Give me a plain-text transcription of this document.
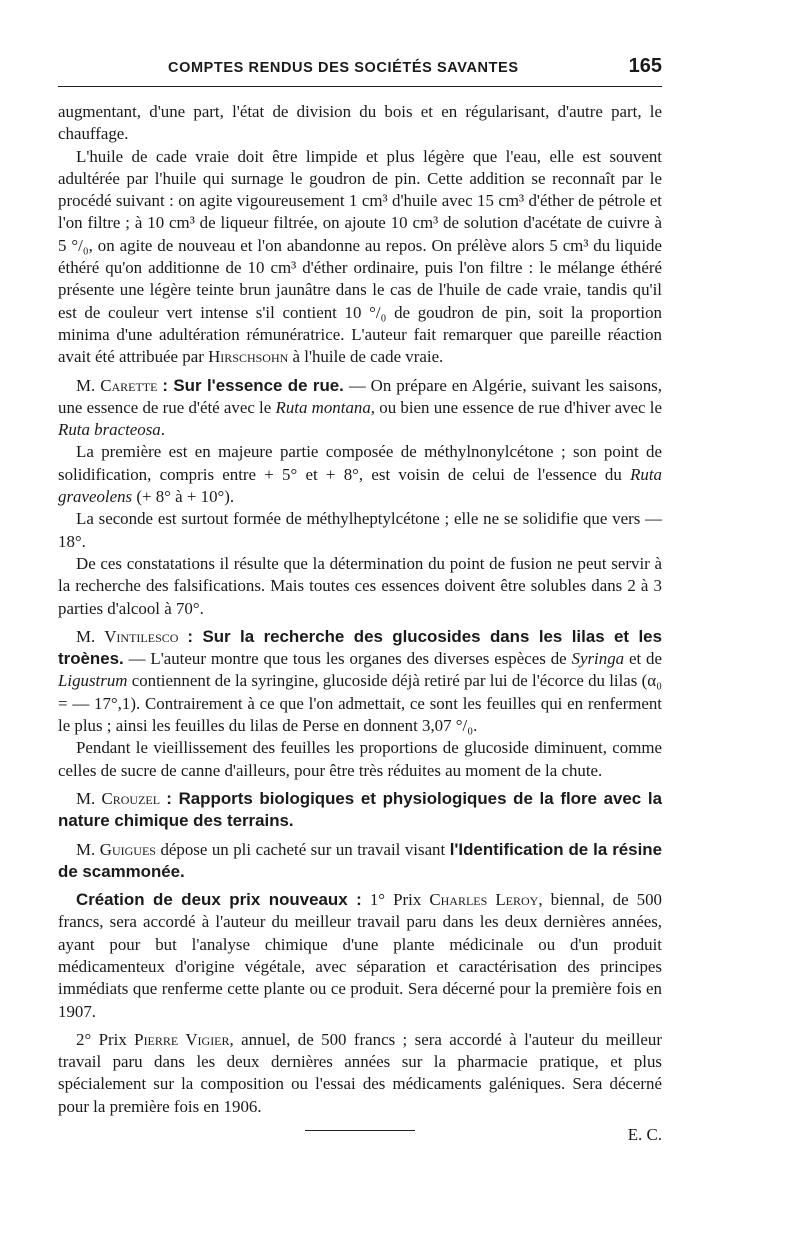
COMPTES RENDUS DES SOCIÉTÉS SAVANTES	165

augmentant, d'une part, l'état de division du bois et en régularisant, d'autre part, le chauffage.

L'huile de cade vraie doit être limpide et plus légère que l'eau, elle est souvent adultérée par l'huile qui surnage le goudron de pin. Cette addition se reconnaît par le procédé suivant : on agite vigoureusement 1 cm³ d'huile avec 15 cm³ d'éther de pétrole et l'on filtre ; à 10 cm³ de liqueur filtrée, on ajoute 10 cm³ de solution d'acétate de cuivre à 5 °/₀, on agite de nouveau et l'on abandonne au repos. On prélève alors 5 cm³ du liquide éthéré qu'on additionne de 10 cm³ d'éther ordinaire, puis l'on filtre : le mélange éthéré présente une légère teinte brun jaunâtre dans le cas de l'huile de cade vraie, tandis qu'il est de couleur vert intense s'il contient 10 °/₀ de goudron de pin, soit la proportion minima d'une adultération rémunératrice. L'auteur fait remarquer que pareille réaction avait été attribuée par Hirschsohn à l'huile de cade vraie.

M. Carette : Sur l'essence de rue. — On prépare en Algérie, suivant les saisons, une essence de rue d'été avec le Ruta montana, ou bien une essence de rue d'hiver avec le Ruta bracteosa.

La première est en majeure partie composée de méthylnonylcétone ; son point de solidification, compris entre + 5° et + 8°, est voisin de celui de l'essence du Ruta graveolens (+ 8° à + 10°).

La seconde est surtout formée de méthylheptylcétone ; elle ne se solidifie que vers — 18°.

De ces constatations il résulte que la détermination du point de fusion ne peut servir à la recherche des falsifications. Mais toutes ces essences doivent être solubles dans 2 à 3 parties d'alcool à 70°.

M. Vintilesco : Sur la recherche des glucosides dans les lilas et les troènes. — L'auteur montre que tous les organes des diverses espèces de Syringa et de Ligustrum contiennent de la syringine, glucoside déjà retiré par lui de l'écorce du lilas (α₀ = — 17°,1). Contrairement à ce que l'on admettait, ce sont les feuilles qui en renferment le plus ; ainsi les feuilles du lilas de Perse en donnent 3,07 °/₀.

Pendant le vieillissement des feuilles les proportions de glucoside diminuent, comme celles de sucre de canne d'ailleurs, pour être très réduites au moment de la chute.

M. Crouzel : Rapports biologiques et physiologiques de la flore avec la nature chimique des terrains.

M. Guigues dépose un pli cacheté sur un travail visant l'Identification de la résine de scammonée.

Création de deux prix nouveaux : 1° Prix Charles Leroy, biennal, de 500 francs, sera accordé à l'auteur du meilleur travail paru dans les deux dernières années, ayant pour but l'analyse chimique d'une plante médicinale ou d'un produit médicamenteux d'origine végétale, avec séparation et caractérisation des principes immédiats que renferme cette plante ou ce produit. Sera décerné pour la première fois en 1907.

2° Prix Pierre Vigier, annuel, de 500 francs ; sera accordé à l'auteur du meilleur travail paru dans les deux dernières années sur la pharmacie pratique, et plus spécialement sur la composition ou l'essai des médicaments galéniques. Sera décerné pour la première fois en 1906.

E. C.
